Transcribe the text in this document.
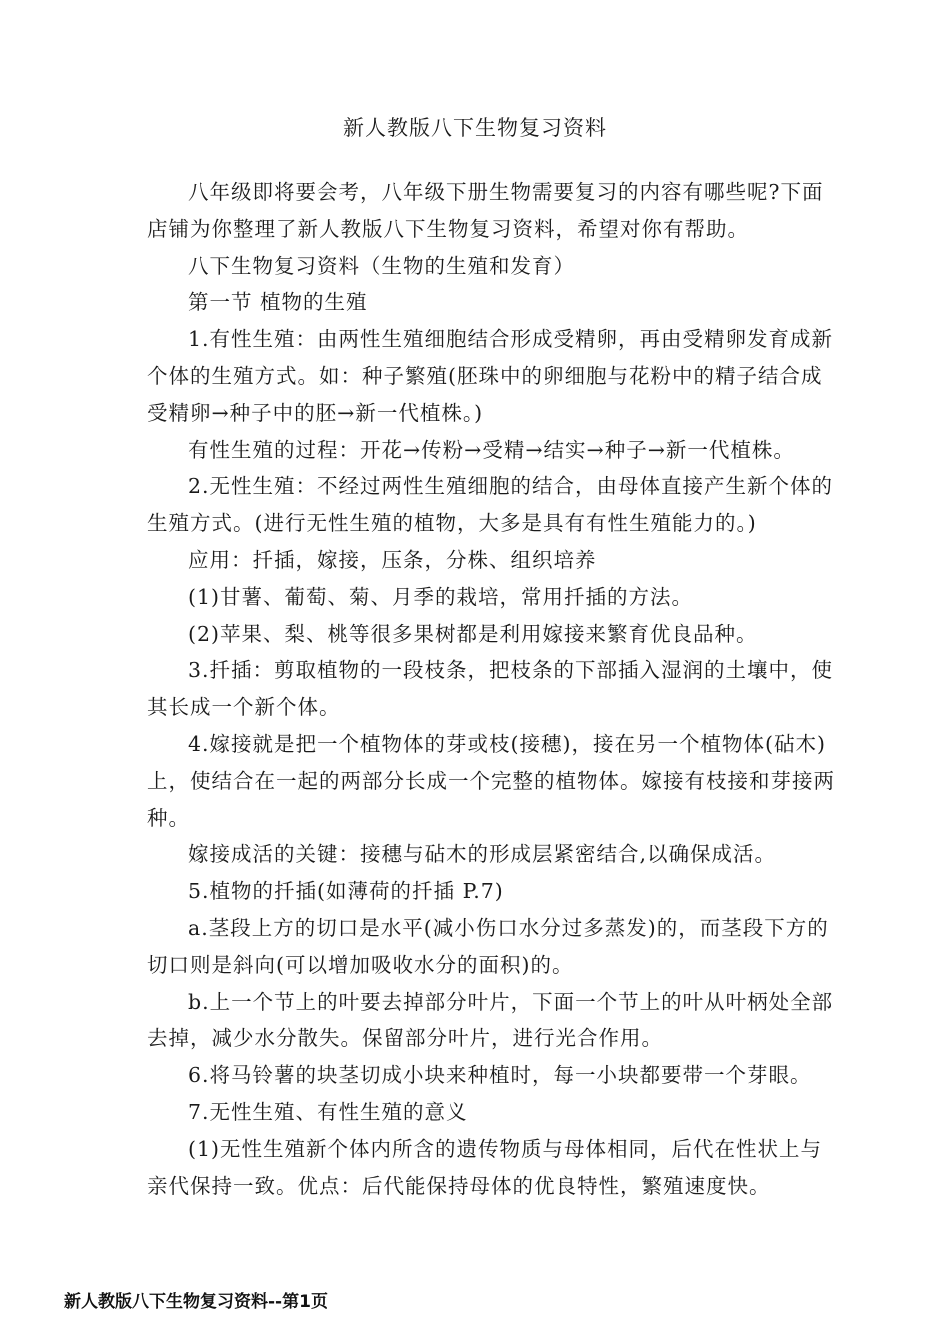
新人教版八下生物复习资料

八年级即将要会考，八年级下册生物需要复习的内容有哪些呢?下面店铺为你整理了新人教版八下生物复习资料，希望对你有帮助。

八下生物复习资料（生物的生殖和发育）

第一节 植物的生殖

1.有性生殖：由两性生殖细胞结合形成受精卵，再由受精卵发育成新个体的生殖方式。如：种子繁殖(胚珠中的卵细胞与花粉中的精子结合成受精卵→种子中的胚→新一代植株。)

有性生殖的过程：开花→传粉→受精→结实→种子→新一代植株。

2.无性生殖：不经过两性生殖细胞的结合，由母体直接产生新个体的生殖方式。(进行无性生殖的植物，大多是具有有性生殖能力的。)

应用：扦插，嫁接，压条，分株、组织培养

(1)甘薯、葡萄、菊、月季的栽培，常用扦插的方法。

(2)苹果、梨、桃等很多果树都是利用嫁接来繁育优良品种。

3.扦插：剪取植物的一段枝条，把枝条的下部插入湿润的土壤中，使其长成一个新个体。

4.嫁接就是把一个植物体的芽或枝(接穗)，接在另一个植物体(砧木)上，使结合在一起的两部分长成一个完整的植物体。嫁接有枝接和芽接两种。

嫁接成活的关键：接穗与砧木的形成层紧密结合,以确保成活。

5.植物的扦插(如薄荷的扦插 P.7)

a.茎段上方的切口是水平(减小伤口水分过多蒸发)的，而茎段下方的切口则是斜向(可以增加吸收水分的面积)的。

b.上一个节上的叶要去掉部分叶片，下面一个节上的叶从叶柄处全部去掉，减少水分散失。保留部分叶片，进行光合作用。

6.将马铃薯的块茎切成小块来种植时，每一小块都要带一个芽眼。

7.无性生殖、有性生殖的意义

(1)无性生殖新个体内所含的遗传物质与母体相同，后代在性状上与亲代保持一致。优点：后代能保持母体的优良特性，繁殖速度快。

新人教版八下生物复习资料--第1页
